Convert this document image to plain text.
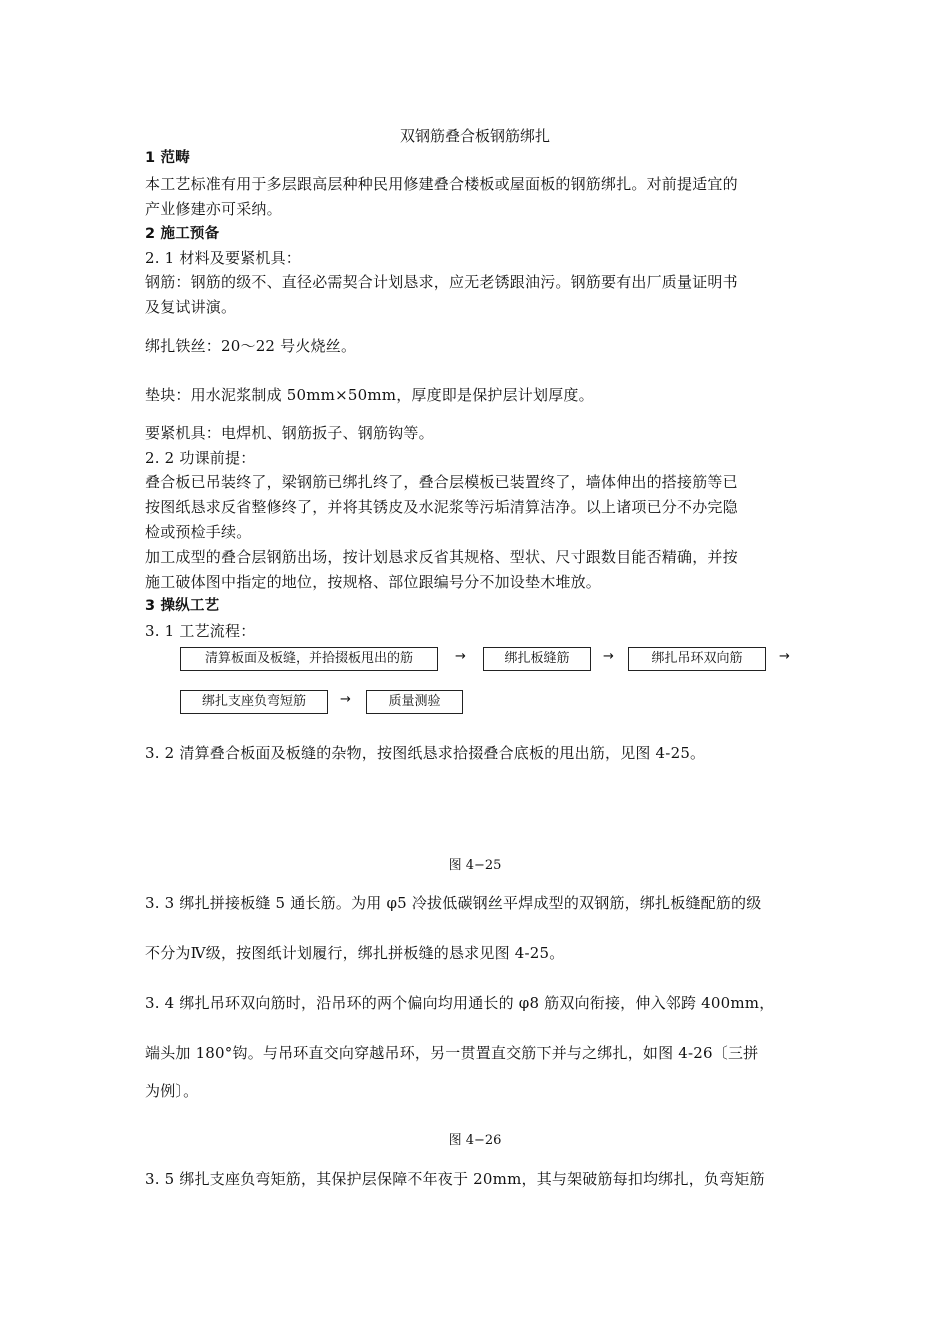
双钢筋叠合板钢筋绑扎
1 范畴
本工艺标准有用于多层跟高层种种民用修建叠合楼板或屋面板的钢筋绑扎。对前提适宜的
产业修建亦可采纳。
2 施工预备
2. 1 材料及要紧机具：
钢筋：钢筋的级不、直径必需契合计划恳求，应无老锈跟油污。钢筋要有出厂质量证明书
及复试讲演。
绑扎铁丝：20～22 号火烧丝。
垫块：用水泥浆制成 50mm×50mm，厚度即是保护层计划厚度。
要紧机具：电焊机、钢筋扳子、钢筋钩等。
2. 2 功课前提：
叠合板已吊装终了，梁钢筋已绑扎终了，叠合层模板已装置终了，墙体伸出的搭接筋等已
按图纸恳求反省整修终了，并将其锈皮及水泥浆等污垢清算洁净。以上诸项已分不办完隐
检或预检手续。
加工成型的叠合层钢筋出场，按计划恳求反省其规格、型状、尺寸跟数目能否精确，并按
施工破体图中指定的地位，按规格、部位跟编号分不加设垫木堆放。
3 操纵工艺
3. 1 工艺流程：
清算板面及板缝，并拾掇板甩出的筋	→	绑扎板缝筋	→	绑扎吊环双向筋	→
绑扎支座负弯短筋	→	质量测验
3. 2 清算叠合板面及板缝的杂物，按图纸恳求拾掇叠合底板的甩出筋，见图 4-25。
图 4−25
3. 3 绑扎拼接板缝 5 通长筋。为用 φ5 冷拔低碳钢丝平焊成型的双钢筋，绑扎板缝配筋的级
不分为Ⅳ级，按图纸计划履行，绑扎拼板缝的恳求见图 4-25。
3. 4 绑扎吊环双向筋时，沿吊环的两个偏向均用通长的 φ8 筋双向衔接，伸入邻跨 400mm，
端头加 180°钩。与吊环直交向穿越吊环，另一贯置直交筋下并与之绑扎，如图 4-26〔三拼
为例〕。
图 4−26
3. 5 绑扎支座负弯矩筋，其保护层保障不年夜于 20mm，其与架破筋每扣均绑扎，负弯矩筋
